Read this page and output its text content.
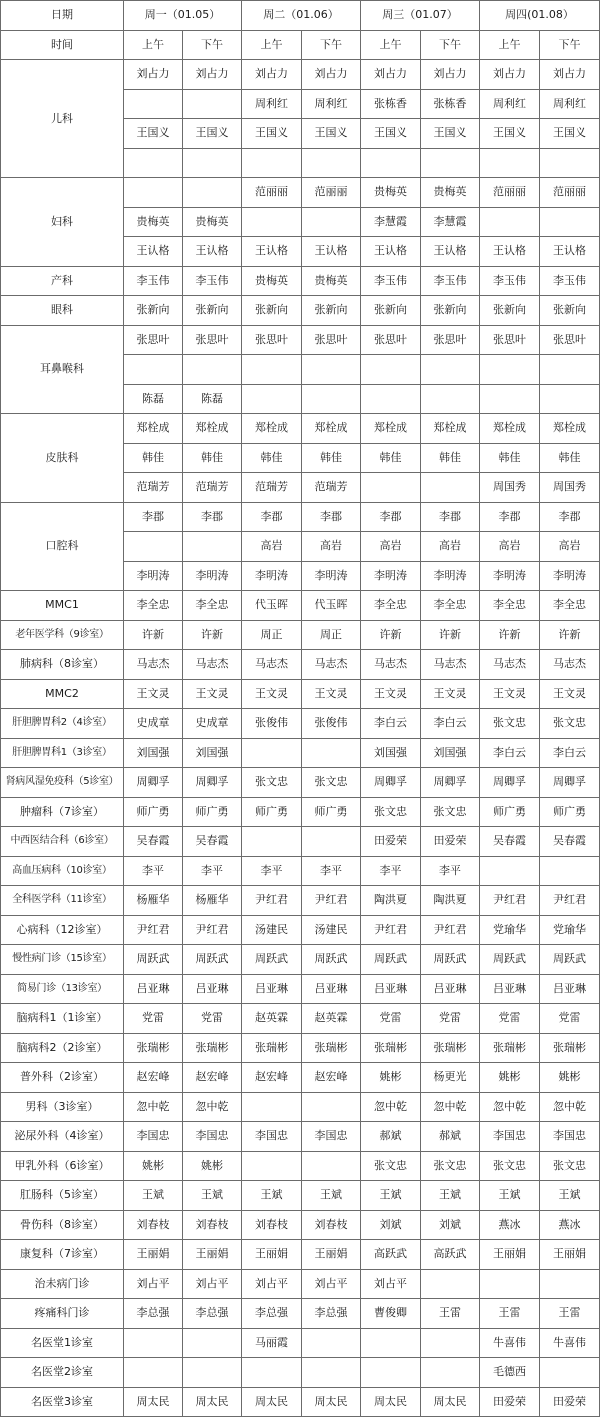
日期	周一（01.05）		周二（01.06）		周三（01.07）		周四(01.08）	
时间	上午	下午	上午	下午	上午	下午	上午	下午
儿科	刘占力	刘占力	刘占力	刘占力	刘占力	刘占力	刘占力	刘占力
			周利红	周利红	张栋香	张栋香	周利红	周利红
	王国义	王国义	王国义	王国义	王国义	王国义	王国义	王国义

妇科			范丽丽	范丽丽	贵梅英	贵梅英	范丽丽	范丽丽
	贵梅英	贵梅英			李慧霞	李慧霞		
	王认格	王认格	王认格	王认格	王认格	王认格	王认格	王认格
产科	李玉伟	李玉伟	贵梅英	贵梅英	李玉伟	李玉伟	李玉伟	李玉伟
眼科	张新向	张新向	张新向	张新向	张新向	张新向	张新向	张新向
耳鼻喉科	张思叶	张思叶	张思叶	张思叶	张思叶	张思叶	张思叶	张思叶

	陈磊	陈磊						
皮肤科	郑栓成	郑栓成	郑栓成	郑栓成	郑栓成	郑栓成	郑栓成	郑栓成
	韩佳	韩佳	韩佳	韩佳	韩佳	韩佳	韩佳	韩佳
	范瑞芳	范瑞芳	范瑞芳	范瑞芳			周国秀	周国秀
口腔科	李郡	李郡	李郡	李郡	李郡	李郡	李郡	李郡
			高岩	高岩	高岩	高岩	高岩	高岩
	李明涛	李明涛	李明涛	李明涛	李明涛	李明涛	李明涛	李明涛
MMC1	李全忠	李全忠	代玉晖	代玉晖	李全忠	李全忠	李全忠	李全忠
老年医学科（9诊室）	许新	许新	周正	周正	许新	许新	许新	许新
肺病科（8诊室）	马志杰	马志杰	马志杰	马志杰	马志杰	马志杰	马志杰	马志杰
MMC2	王文灵	王文灵	王文灵	王文灵	王文灵	王文灵	王文灵	王文灵
肝胆脾胃科2（4诊室）	史成章	史成章	张俊伟	张俊伟	李白云	李白云	张文忠	张文忠
肝胆脾胃科1（3诊室）	刘国强	刘国强			刘国强	刘国强	李白云	李白云
肾病风湿免疫科（5诊室）	周卿孚	周卿孚	张文忠	张文忠	周卿孚	周卿孚	周卿孚	周卿孚
肿瘤科（7诊室）	师广勇	师广勇	师广勇	师广勇	张文忠	张文忠	师广勇	师广勇
中西医结合科（6诊室）	吴春霞	吴春霞			田爱荣	田爱荣	吴春霞	吴春霞
高血压病科（10诊室）	李平	李平	李平	李平	李平	李平		
全科医学科（11诊室）	杨雁华	杨雁华	尹红君	尹红君	陶洪夏	陶洪夏	尹红君	尹红君
心病科（12诊室）	尹红君	尹红君	汤建民	汤建民	尹红君	尹红君	党瑜华	党瑜华
慢性病门诊（15诊室）	周跃武	周跃武	周跃武	周跃武	周跃武	周跃武	周跃武	周跃武
简易门诊（13诊室）	吕亚琳	吕亚琳	吕亚琳	吕亚琳	吕亚琳	吕亚琳	吕亚琳	吕亚琳
脑病科1（1诊室）	党雷	党雷	赵英霖	赵英霖	党雷	党雷	党雷	党雷
脑病科2（2诊室）	张瑞彬	张瑞彬	张瑞彬	张瑞彬	张瑞彬	张瑞彬	张瑞彬	张瑞彬
普外科（2诊室）	赵宏峰	赵宏峰	赵宏峰	赵宏峰	姚彬	杨更光	姚彬	姚彬
男科（3诊室）	忽中乾	忽中乾			忽中乾	忽中乾	忽中乾	忽中乾
泌尿外科（4诊室）	李国忠	李国忠	李国忠	李国忠	郝斌	郝斌	李国忠	李国忠
甲乳外科（6诊室）	姚彬	姚彬			张文忠	张文忠	张文忠	张文忠
肛肠科（5诊室）	王斌	王斌	王斌	王斌	王斌	王斌	王斌	王斌
骨伤科（8诊室）	刘春枝	刘春枝	刘春枝	刘春枝	刘斌	刘斌	燕冰	燕冰
康复科（7诊室）	王丽娟	王丽娟	王丽娟	王丽娟	高跃武	高跃武	王丽娟	王丽娟
治未病门诊	刘占平	刘占平	刘占平	刘占平	刘占平			
疼痛科门诊	李总强	李总强	李总强	李总强	曹俊卿	王雷	王雷	王雷
名医堂1诊室			马丽霞				牛喜伟	牛喜伟
名医堂2诊室							毛德西	
名医堂3诊室	周太民	周太民	周太民	周太民	周太民	周太民	田爱荣	田爱荣
